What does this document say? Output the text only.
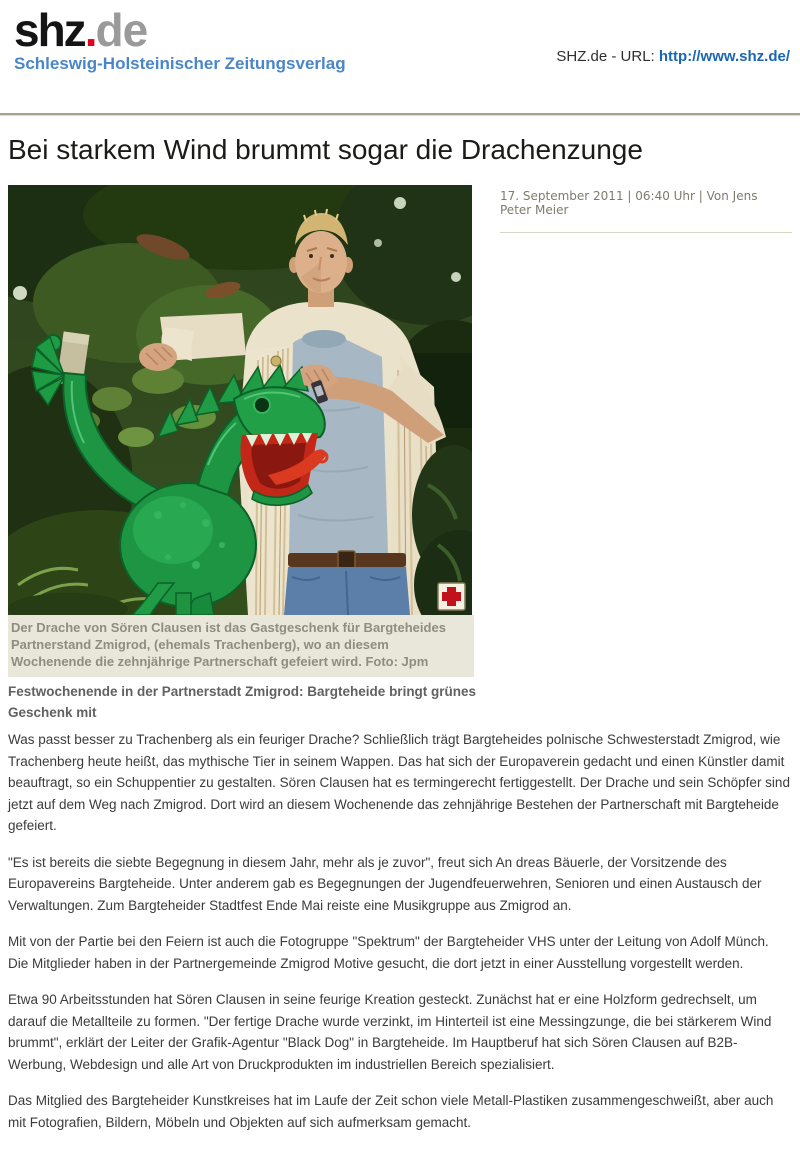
shz.de
Schleswig-Holsteinischer Zeitungsverlag	SHZ.de - URL: http://www.shz.de/
Bei starkem Wind brummt sogar die Drachenzunge
17. September 2011 | 06:40 Uhr | Von Jens Peter Meier
Der Drache von Sören Clausen ist das Gastgeschenk für Bargteheides Partnerstand Zmigrod, (ehemals Trachenberg), wo an diesem Wochenende die zehnjährige Partnerschaft gefeiert wird. Foto: Jpm
Festwochenende in der Partnerstadt Zmigrod: Bargteheide bringt grünes Geschenk mit

Was passt besser zu Trachenberg als ein feuriger Drache? Schließlich trägt Bargteheides polnische Schwesterstadt Zmigrod, wie Trachenberg heute heißt, das mythische Tier in seinem Wappen. Das hat sich der Europaverein gedacht und einen Künstler damit beauftragt, so ein Schuppentier zu gestalten. Sören Clausen hat es termingerecht fertiggestellt. Der Drache und sein Schöpfer sind jetzt auf dem Weg nach Zmigrod. Dort wird an diesem Wochenende das zehnjährige Bestehen der Partnerschaft mit Bargteheide gefeiert.

"Es ist bereits die siebte Begegnung in diesem Jahr, mehr als je zuvor", freut sich An dreas Bäuerle, der Vorsitzende des Europavereins Bargteheide. Unter anderem gab es Begegnungen der Jugendfeuerwehren, Senioren und einen Austausch der Verwaltungen. Zum Bargteheider Stadtfest Ende Mai reiste eine Musikgruppe aus Zmigrod an.

Mit von der Partie bei den Feiern ist auch die Fotogruppe "Spektrum" der Bargteheider VHS unter der Leitung von Adolf Münch. Die Mitglieder haben in der Partnergemeinde Zmigrod Motive gesucht, die dort jetzt in einer Ausstellung vorgestellt werden.

Etwa 90 Arbeitsstunden hat Sören Clausen in seine feurige Kreation gesteckt. Zunächst hat er eine Holzform gedrechselt, um darauf die Metallteile zu formen. "Der fertige Drache wurde verzinkt, im Hinterteil ist eine Messingzunge, die bei stärkerem Wind brummt", erklärt der Leiter der Grafik-Agentur "Black Dog" in Bargteheide. Im Hauptberuf hat sich Sören Clausen auf B2B-Werbung, Webdesign und alle Art von Druckprodukten im industriellen Bereich spezialisiert.

Das Mitglied des Bargteheider Kunstkreises hat im Laufe der Zeit schon viele Metall-Plastiken zusammengeschweißt, aber auch mit Fotografien, Bildern, Möbeln und Objekten auf sich aufmerksam gemacht.
